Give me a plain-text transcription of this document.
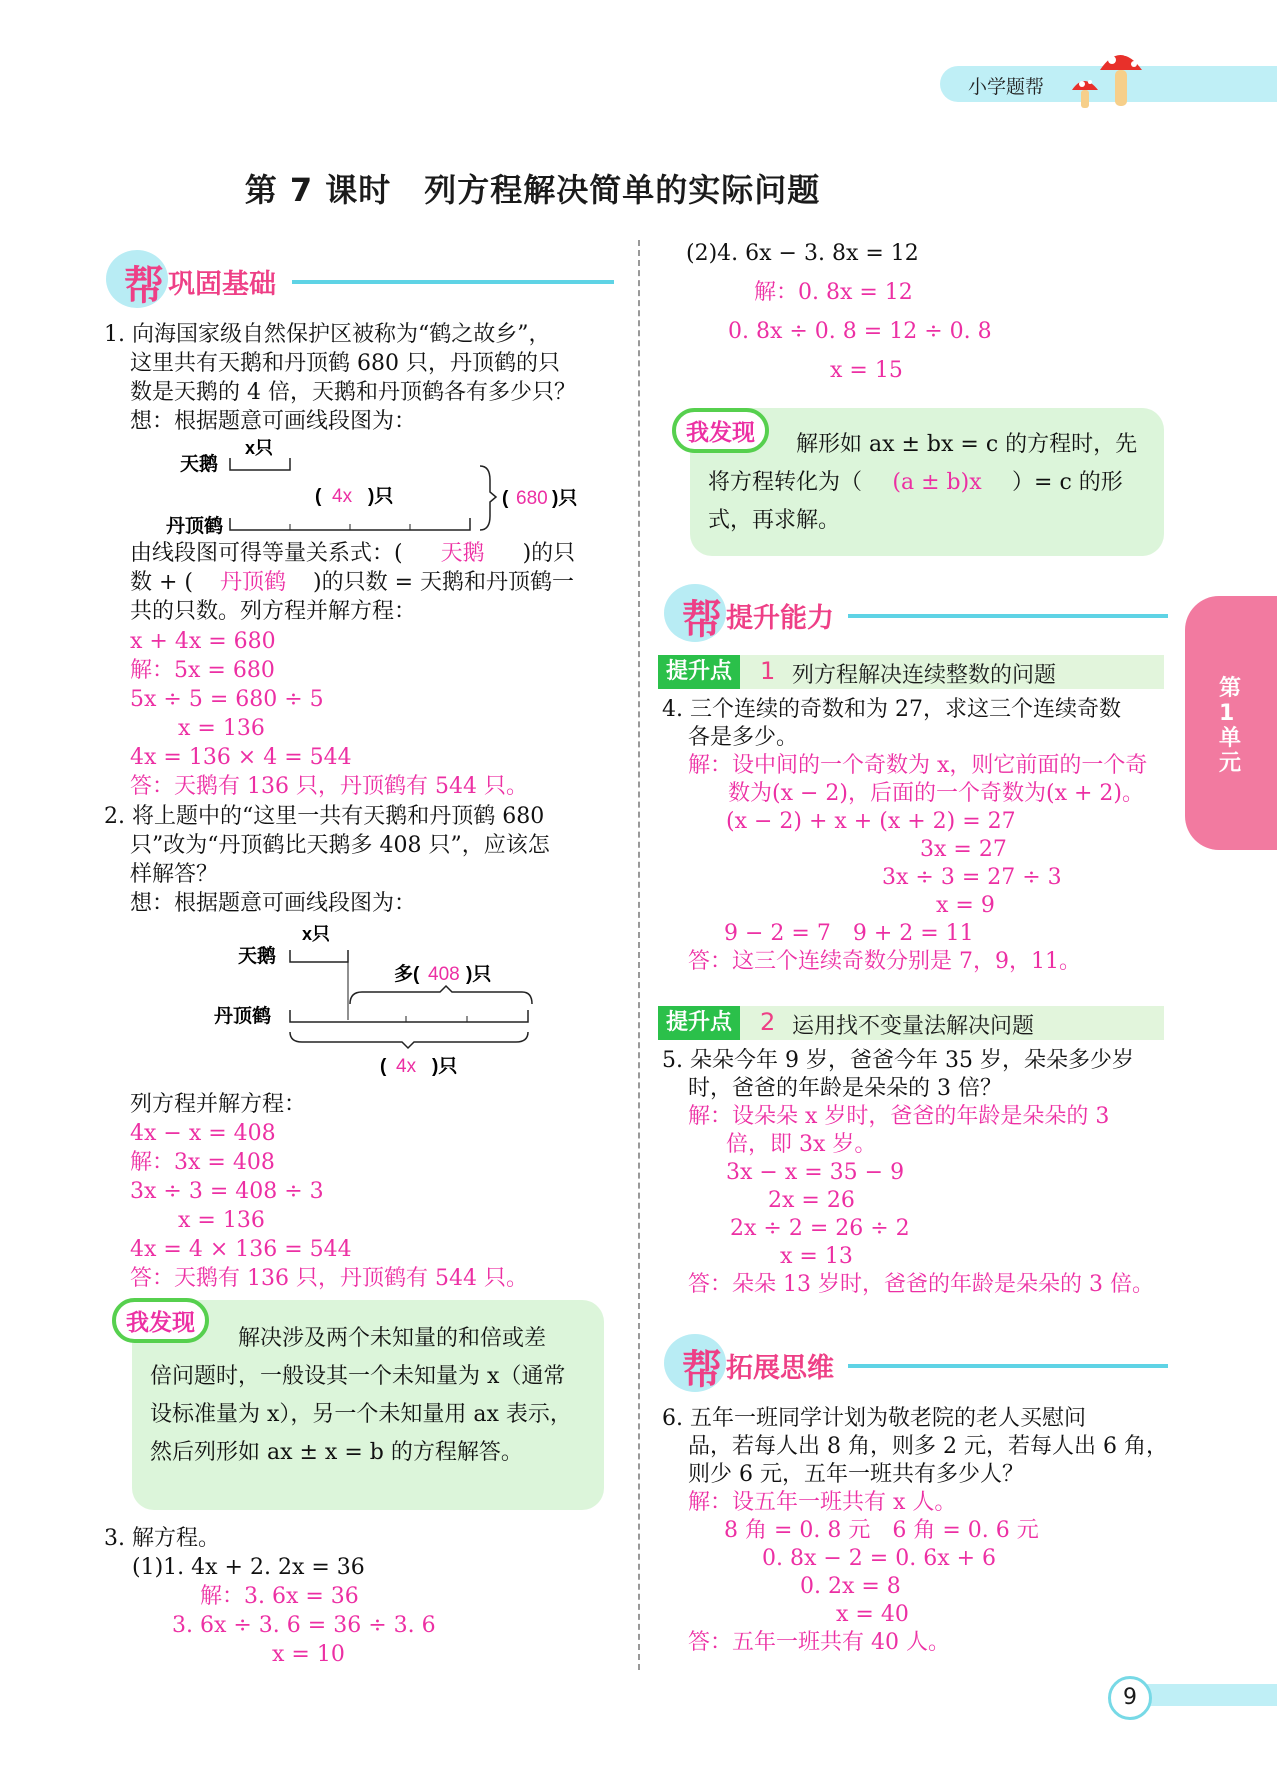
小学题帮
第 7 课时　列方程解决简单的实际问题
帮 巩固基础
1. 向海国家级自然保护区被称为“鹤之故乡”，
这里共有天鹅和丹顶鹤 680 只，丹顶鹤的只
数是天鹅的 4 倍，天鹅和丹顶鹤各有多少只？
想：根据题意可画线段图为：
天鹅
x只
丹顶鹤
( 4x )只	( 680 )只
由线段图可得等量关系式：( 天鹅 )的只
数 + ( 丹顶鹤 )的只数 = 天鹅和丹顶鹤一
共的只数。列方程并解方程：
x + 4x = 680
解：5x = 680
5x ÷ 5 = 680 ÷ 5
x = 136
4x = 136 × 4 = 544
答：天鹅有 136 只，丹顶鹤有 544 只。
2. 将上题中的“这里一共有天鹅和丹顶鹤 680
只”改为“丹顶鹤比天鹅多 408 只”，应该怎
样解答？
想：根据题意可画线段图为：
天鹅
x只
多( 408 )只
丹顶鹤
( 4x )只
列方程并解方程：
4x − x = 408
解：3x = 408
3x ÷ 3 = 408 ÷ 3
x = 136
4x = 4 × 136 = 544
答：天鹅有 136 只，丹顶鹤有 544 只。
我发现
解决涉及两个未知量的和倍或差
倍问题时，一般设其一个未知量为 x（通常
设标准量为 x），另一个未知量用 ax 表示，
然后列形如 ax ± x = b 的方程解答。
3. 解方程。
(1)1. 4x + 2. 2x = 36
解：3. 6x = 36
3. 6x ÷ 3. 6 = 36 ÷ 3. 6
x = 10
(2)4. 6x − 3. 8x = 12
解：0. 8x = 12
0. 8x ÷ 0. 8 = 12 ÷ 0. 8
x = 15
我发现	解形如 ax ± bx = c 的方程时，先
将方程转化为（ (a ± b)x ）= c 的形
式，再求解。
帮 提升能力
提升点	1 列方程解决连续整数的问题
4. 三个连续的奇数和为 27，求这三个连续奇数
各是多少。
解：设中间的一个奇数为 x，则它前面的一个奇
数为(x − 2)，后面的一个奇数为(x + 2)。
(x − 2) + x + (x + 2) = 27
3x = 27
3x ÷ 3 = 27 ÷ 3
x = 9
9 − 2 = 7　9 + 2 = 11
答：这三个连续奇数分别是 7，9，11。
提升点	2 运用找不变量法解决问题
5. 朵朵今年 9 岁，爸爸今年 35 岁，朵朵多少岁
时，爸爸的年龄是朵朵的 3 倍？
解：设朵朵 x 岁时，爸爸的年龄是朵朵的 3
倍，即 3x 岁。
3x − x = 35 − 9
2x = 26
2x ÷ 2 = 26 ÷ 2
x = 13
答：朵朵 13 岁时，爸爸的年龄是朵朵的 3 倍。
帮 拓展思维
6. 五年一班同学计划为敬老院的老人买慰问
品，若每人出 8 角，则多 2 元，若每人出 6 角，
则少 6 元，五年一班共有多少人？
解：设五年一班共有 x 人。
8 角 = 0. 8 元　6 角 = 0. 6 元
0. 8x − 2 = 0. 6x + 6
0. 2x = 8
x = 40
答：五年一班共有 40 人。
第1单元
9
